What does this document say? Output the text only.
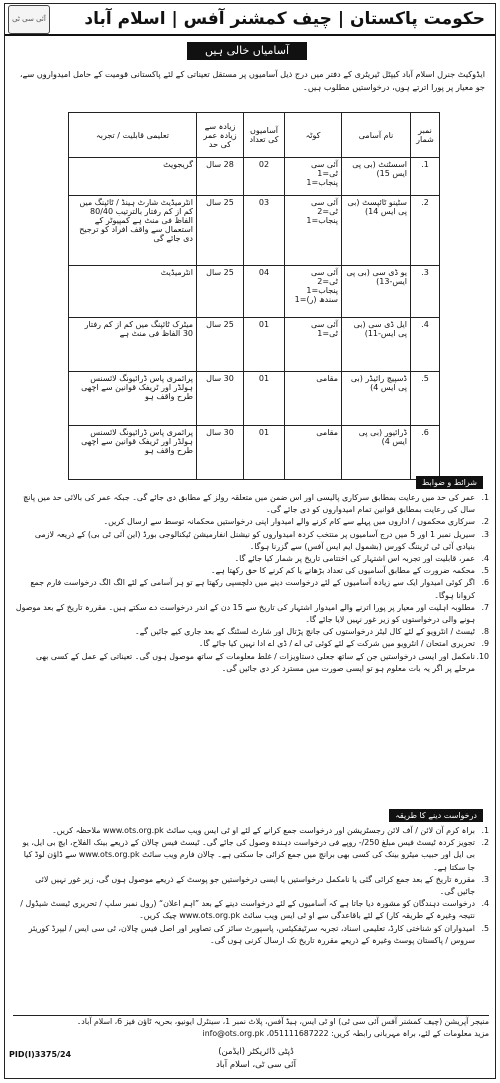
آئی سی ٹی حکومت پاکستان | چیف کمشنر آفس | اسلام آباد
آسامیاں خالی ہیں
ایڈوکیٹ جنرل اسلام آباد کیپٹل ٹیریٹری کے دفتر میں درج ذیل آسامیوں پر مستقل تعیناتی کے لئے پاکستانی قومیت کے حامل امیدواروں سے، جو معیار پر پورا اترتے ہوں، درخواستیں مطلوب ہیں۔
نمبر شمار	نام آسامی	کوٹہ	آسامیوں کی تعداد	زیادہ سے زیادہ عمر کی حد	تعلیمی قابلیت / تجربہ
1.	اسسٹنٹ (بی پی ایس 15)	آئی سی ٹی=1 پنجاب=1	02	28 سال	گریجویٹ
2.	سٹینو ٹائپسٹ (بی پی ایس 14)	آئی سی ٹی=2 پنجاب=1	03	25 سال	انٹرمیڈیٹ شارٹ ہینڈ / ٹائپنگ میں کم از کم رفتار بالترتیب 80/40 الفاظ فی منٹ ہے کمپیوٹر کے استعمال سے واقف افراد کو ترجیح دی جائے گی
3.	یو ڈی سی (بی پی ایس-13)	آئی سی ٹی=2 پنجاب=1 سندھ (ر)=1	04	25 سال	انٹرمیڈیٹ
4.	ایل ڈی سی (بی پی ایس-11)	آئی سی ٹی=1	01	25 سال	میٹرک ٹائپنگ میں کم از کم رفتار 30 الفاظ فی منٹ ہے
5.	ڈسپیچ رائیڈر (بی پی ایس 4)	مقامی	01	30 سال	پرائمری پاس ڈرائیونگ لائسنس ہولڈر اور ٹریفک قوانین سے اچھی طرح واقف ہو
6.	ڈرائیور (بی پی ایس 4)	مقامی	01	30 سال	پرائمری پاس ڈرائیونگ لائسنس ہولڈر اور ٹریفک قوانین سے اچھی طرح واقف ہو
شرائط و ضوابط
1.
عمر کی حد میں رعایت بمطابق سرکاری پالیسی اور اس ضمن میں متعلقہ رولز کے مطابق دی جائے گی۔ جبکہ عمر کی بالائی حد میں پانچ سال کی رعایت بمطابق قوانین تمام امیدواروں کو دی جائے گی۔
2.
سرکاری محکموں / اداروں میں پہلے سے کام کرنے والے امیدوار اپنی درخواستیں محکمانہ توسط سے ارسال کریں۔
3.
سیریل نمبر 1 اور 5 میں درج آسامیوں پر منتخب کردہ امیدواروں کو نیشنل انفارمیشن ٹیکنالوجی بورڈ (این آئی ٹی بی) کے ذریعہ لازمی بنیادی آئی ٹی ٹریننگ کورس (بشمول ایم ایس آفس) سے گزرنا ہوگا۔
4.
عمر، قابلیت اور تجربہ اس اشتہار کی اختتامی تاریخ پر شمار کیا جائے گا۔
5.
محکمہ ضرورت کے مطابق آسامیوں کی تعداد بڑھانے یا کم کرنے کا حق رکھتا ہے۔
6.
اگر کوئی امیدوار ایک سے زیادہ آسامیوں کے لئے درخواست دینے میں دلچسپی رکھتا ہے تو ہر آسامی کے لئے الگ الگ درخواست فارم جمع کروانا ہوگا۔
7.
مطلوبہ اہلیت اور معیار پر پورا اترنے والے امیدوار اشتہار کی تاریخ سے 15 دن کے اندر درخواست دے سکتے ہیں۔ مقررہ تاریخ کے بعد موصول ہونے والی درخواستوں کو زیر غور نہیں لایا جائے گا۔
8.
ٹیسٹ / انٹرویو کے لئے کال لیٹر درخواستوں کی جانچ پڑتال اور شارٹ لسٹنگ کے بعد جاری کیے جائیں گے۔
9.
تحریری امتحان / انٹرویو میں شرکت کے لئے کوئی ٹی اے / ڈی اے ادا نہیں کیا جائے گا۔
10.
نامکمل اور ایسی درخواستیں جن کے ساتھ جعلی دستاویزات / غلط معلومات کے ساتھ موصول ہوں گی۔ تعیناتی کے عمل کے کسی بھی مرحلے پر اگر یہ بات معلوم ہو تو ایسی صورت میں مسترد کر دی جائیں گی۔
درخواست دینے کا طریقہ
1.
براہ کرم آن لائن / آف لائن رجسٹریشن اور درخواست جمع کرانے کے لئے او ٹی ایس ویب سائٹ www.ots.org.pk ملاحظہ کریں۔
2.
تجویز کردہ ٹیسٹ فیس مبلغ 250/- روپے فی درخواست دہندہ وصول کی جائے گی۔ ٹیسٹ فیس چالان کے ذریعے بینک الفلاح، ایچ بی ایل، یو بی ایل اور حبیب میٹرو بینک کی کسی بھی برانچ میں جمع کرائی جا سکتی ہے۔ چالان فارم ویب سائٹ www.ots.org.pk سے ڈاؤن لوڈ کیا جا سکتا ہے۔
3.
مقررہ تاریخ کے بعد جمع کرائی گئی یا نامکمل درخواستیں یا ایسی درخواستیں جو پوسٹ کے ذریعے موصول ہوں گی، زیر غور نہیں لائی جائیں گی۔
4.
درخواست دہندگان کو مشورہ دیا جاتا ہے کہ آسامیوں کے لئے درخواست دینے کے بعد ”اہم اعلان“ (رول نمبر سلپ / تحریری ٹیسٹ شیڈول / نتیجہ وغیرہ کے طریقہ کار) کے لئے باقاعدگی سے او ٹی ایس ویب سائٹ www.ots.org.pk چیک کریں۔
5.
امیدواران کو شناختی کارڈ، تعلیمی اسناد، تجربہ سرٹیفکیٹس، پاسپورٹ سائز کی تصاویر اور اصل فیس چالان، ٹی سی ایس / لیپرڈ کوریئر سروس / پاکستان پوسٹ وغیرہ کے ذریعے مقررہ تاریخ تک ارسال کرنی ہوں گی۔
منیجر آپریشن (چیف کمشنر آفس آئی سی ٹی) او ٹی ایس، ہیڈ آفس، پلاٹ نمبر 1، سینٹرل ایونیو، بحریہ ٹاؤن فیز 6، اسلام آباد۔
مزید معلومات کے لئے، براہ مہربانی رابطہ کریں: 051111687222، info@ots.org.pk
PID(I)3375/24	ڈپٹی ڈائریکٹر (ایڈمن)
آئی سی ٹی، اسلام آباد
